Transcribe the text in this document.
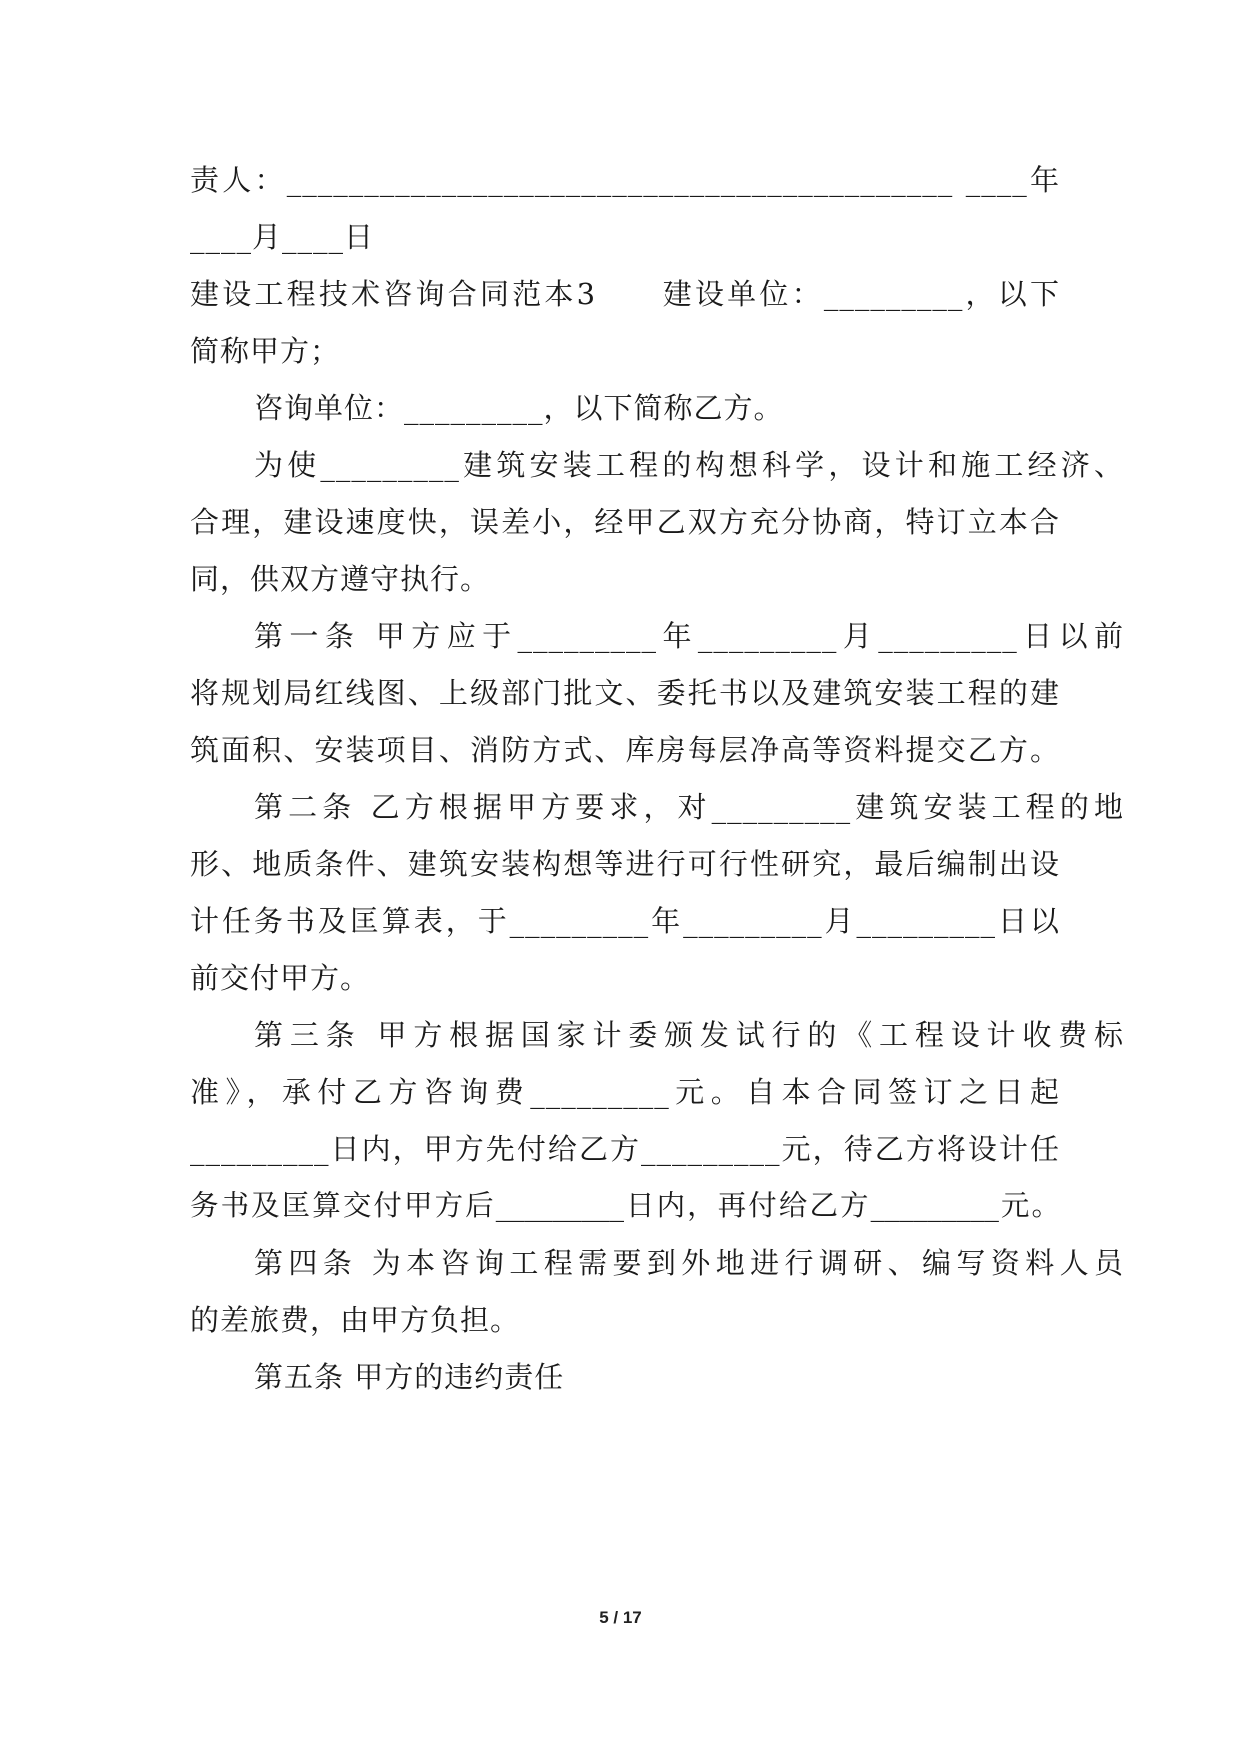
责人：___________________________________________ ____年
____月____日
建设工程技术咨询合同范本3　　建设单位：_________，以下
简称甲方；
咨询单位：_________，以下简称乙方。
为使_________建筑安装工程的构想科学，设计和施工经济、
合理，建设速度快，误差小，经甲乙双方充分协商，特订立本合
同，供双方遵守执行。
第一条 甲方应于_________年_________月_________日以前
将规划局红线图、上级部门批文、委托书以及建筑安装工程的建
筑面积、安装项目、消防方式、库房每层净高等资料提交乙方。
第二条 乙方根据甲方要求，对_________建筑安装工程的地
形、地质条件、建筑安装构想等进行可行性研究，最后编制出设
计任务书及匡算表，于_________年_________月_________日以
前交付甲方。
第三条 甲方根据国家计委颁发试行的《工程设计收费标
准》，承付乙方咨询费_________元。自本合同签订之日起
_________日内，甲方先付给乙方_________元，待乙方将设计任
务书及匡算交付甲方后_________日内，再付给乙方_________元。
第四条 为本咨询工程需要到外地进行调研、编写资料人员
的差旅费，由甲方负担。
第五条 甲方的违约责任
5 / 17
